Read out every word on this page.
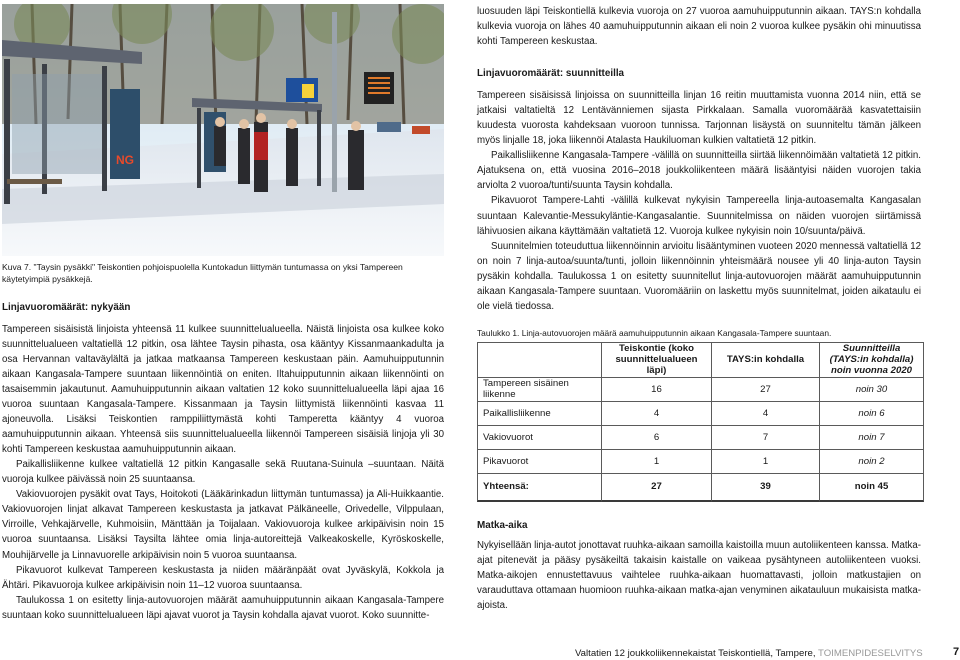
NG
Kuva 7. "Taysin pysäkki" Teiskontien pohjoispuolella Kuntokadun liittymän tuntumassa on yksi Tampereen käytetyimpiä pysäkkejä.
Linjavuoromäärät: nykyään

Tampereen sisäisistä linjoista yhteensä 11 kulkee suunnittelualueella. Näistä linjoista osa kulkee koko suunnittelualueen valtatiellä 12 pitkin, osa lähtee Taysin pihasta, osa kääntyy Kissanmaankadulta ja osa Hervannan valtaväylältä ja jatkaa matkaansa Tampereen keskustaan päin. Aamuhuipputunnin aikaan Kangasala-Tampere suuntaan liikennöintiä on eniten. Iltahuipputunnin aikaan liikennöinti on tasaisemmin jakautunut. Aamuhuipputunnin aikaan valtatien 12 koko suunnittelualueella läpi ajaa 16 vuoroa suuntaan Kangasala-Tampere. Kissanmaan ja Taysin liittymistä liikennöinti kasvaa 11 ajoneuvolla. Lisäksi Teiskontien ramppiliittymästä kohti Tamperetta kääntyy 4 vuoroa aamuhuipputunnin aikaan. Yhteensä siis suunnittelualueella liikennöi Tampereen sisäisiä linjoja yli 30 kohti Tampereen keskustaa aamuhuipputunnin aikaan.

Paikallisliikenne kulkee valtatiellä 12 pitkin Kangasalle sekä Ruutana-Suinula –suuntaan. Näitä vuoroja kulkee päivässä noin 25 suuntaansa.

Vakiovuorojen pysäkit ovat Tays, Hoitokoti (Lääkärinkadun liittymän tuntumassa) ja Ali-Huikkaantie. Vakiovuorojen linjat alkavat Tampereen keskustasta ja jatkavat Pälkäneelle, Orivedelle, Vilppulaan, Virroille, Vehkajärvelle, Kuhmoisiin, Mänttään ja Toijalaan. Vakiovuoroja kulkee arkipäivisin noin 15 vuoroa suuntaansa. Lisäksi Taysilta lähtee omia linja-autoreittejä Valkeakoskelle, Kyröskoskelle, Mouhijärvelle ja Linnavuorelle arkipäivisin noin 5 vuoroa suuntaansa.

Pikavuorot kulkevat Tampereen keskustasta ja niiden määränpäät ovat Jyväskylä, Kokkola ja Ähtäri. Pikavuoroja kulkee arkipäivisin noin 11–12 vuoroa suuntaansa.

Taulukossa 1 on esitetty linja-autovuorojen määrät aamuhuipputunnin aikaan Kangasala-Tampere suuntaan koko suunnittelualueen läpi ajavat vuorot ja Taysin kohdalla ajavat vuorot. Koko suunnitte-

luosuuden läpi Teiskontiellä kulkevia vuoroja on 27 vuoroa aamuhuipputunnin aikaan. TAYS:n kohdalla kulkevia vuoroja on lähes 40 aamuhuipputunnin aikaan eli noin 2 vuoroa kulkee pysäkin ohi minuutissa kohti Tampereen keskustaa.

Linjavuoromäärät: suunnitteilla

Tampereen sisäisissä linjoissa on suunnitteilla linjan 16 reitin muuttamista vuonna 2014 niin, että se jatkaisi valtatieltä 12 Lentävänniemen sijasta Pirkkalaan. Samalla vuoromäärää kasvatettaisiin kuudesta vuorosta kahdeksaan vuoroon tunnissa. Tarjonnan lisäystä on suunniteltu tämän jälkeen myös linjalle 18, joka liikennöi Atalasta Haukiluoman kulkien valtatietä 12 pitkin.

Paikallisliikenne Kangasala-Tampere -välillä on suunnitteilla siirtää liikennöimään valtatietä 12 pitkin. Ajatuksena on, että vuosina 2016–2018 joukkoliikenteen määrä lisääntyisi näiden vuorojen takia arviolta 2 vuoroa/tunti/suunta Taysin kohdalla.

Pikavuorot Tampere-Lahti -välillä kulkevat nykyisin Tampereella linja-autoasemalta Kangasalan suuntaan Kalevantie-Messukyläntie-Kangasalantie. Suunnitelmissa on näiden vuorojen siirtämissä lähivuosien aikana käyttämään valtatietä 12. Vuoroja kulkee nykyisin noin 10/suunta/päivä.

Suunnitelmien toteuduttua liikennöinnin arvioitu lisääntyminen vuoteen 2020 mennessä valtatiellä 12 on noin 7 linja-autoa/suunta/tunti, jolloin liikennöinnin yhteismäärä nousee yli 40 linja-auton Taysin pysäkin kohdalla. Taulukossa 1 on esitetty suunnitellut linja-autovuorojen määrät aamuhuipputunnin aikaan Kangasala-Tampere suuntaan. Vuoromääriin on laskettu myös suunnitelmat, joiden aikataulu ei ole vielä tiedossa.

Taulukko 1. Linja-autovuorojen määrä aamuhuipputunnin aikaan Kangasala-Tampere suuntaan.
	Teiskontie (koko suunnittelualueen läpi)	TAYS:in kohdalla	Suunnitteilla (TAYS:in kohdalla) noin vuonna 2020
Tampereen sisäinen liikenne	16	27	noin 30
Paikallisliikenne	4	4	noin 6
Vakiovuorot	6	7	noin 7
Pikavuorot	1	1	noin 2
Yhteensä:	27	39	noin 45
Matka-aika

Nykyisellään linja-autot jonottavat ruuhka-aikaan samoilla kaistoilla muun autoliikenteen kanssa. Matka-ajat pitenevät ja pääsy pysäkeiltä takaisin kaistalle on vaikeaa pysähtyneen autoliikenteen vuoksi. Matka-aikojen ennustettavuus vaihtelee ruuhka-aikaan huomattavasti, jolloin matkustajien on varauduttava ottamaan huomioon ruuhka-aikaan matka-ajan venyminen aikatauluun mukaisista matka-ajoista.

Valtatien 12 joukkoliikennekaistat Teiskontiellä, Tampere, TOIMENPIDESELVITYS	7
